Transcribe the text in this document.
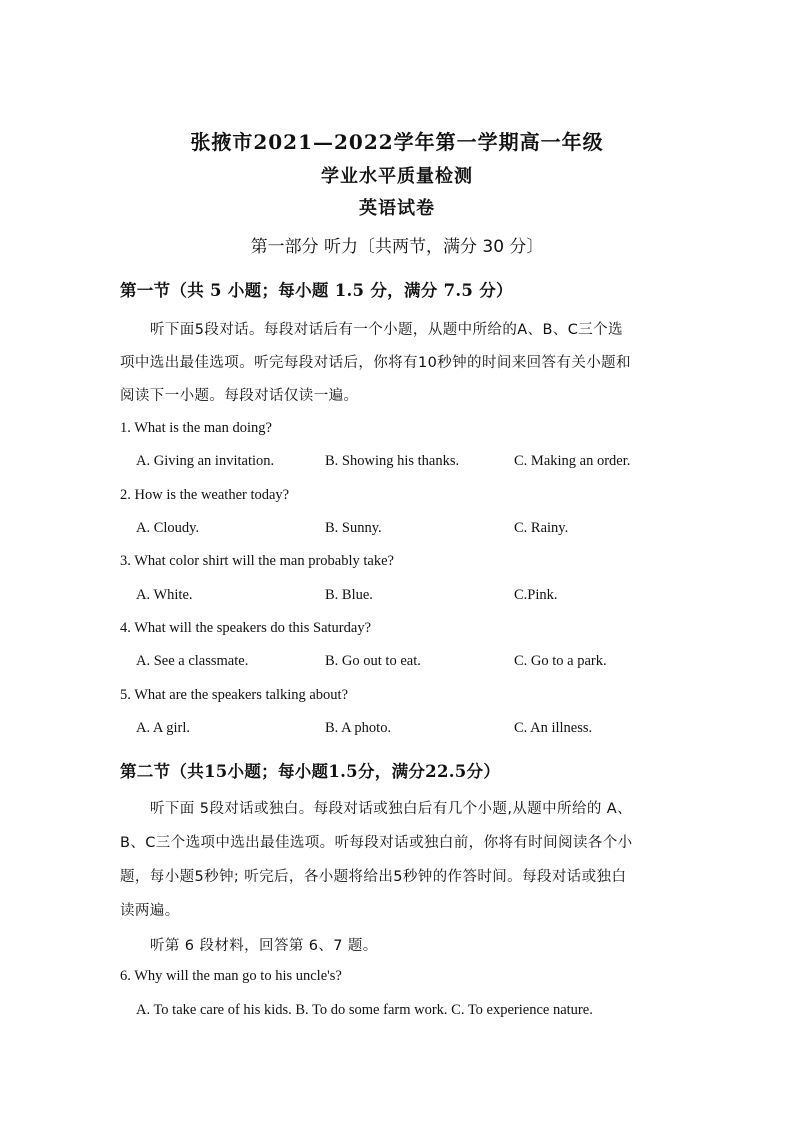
张掖市2021—2022学年第一学期高一年级
学业水平质量检测
英语试卷
第一部分 听力〔共两节，满分 30 分〕
第一节（共 5 小题；每小题 1.5 分，满分 7.5 分）
听下面5段对话。每段对话后有一个小题，从题中所给的A、B、C三个选
项中选出最佳选项。听完每段对话后，你将有10秒钟的时间来回答有关小题和
阅读下一小题。每段对话仅读一遍。
1. What is the man doing?
A. Giving an invitation.	B. Showing his thanks.	C. Making an order.
2. How is the weather today?
A. Cloudy.	B. Sunny.	C. Rainy.
3. What color shirt will the man probably take?
A. White.	B. Blue.	C.Pink.
4. What will the speakers do this Saturday?
A. See a classmate.	B. Go out to eat.	C. Go to a park.
5. What are the speakers talking about?
A. A girl.	B. A photo.	C. An illness.
第二节（共15小题；每小题1.5分，满分22.5分）
听下面 5段对话或独白。每段对话或独白后有几个小题,从题中所给的 A、
B、C三个选项中选出最佳选项。听每段对话或独白前，你将有时间阅读各个小
题，每小题5秒钟; 听完后，各小题将给出5秒钟的作答时间。每段对话或独白
读两遍。
听第 6 段材料，回答第 6、7 题。
6. Why will the man go to his uncle's?
A. To take care of his kids. B. To do some farm work. C. To experience nature.
